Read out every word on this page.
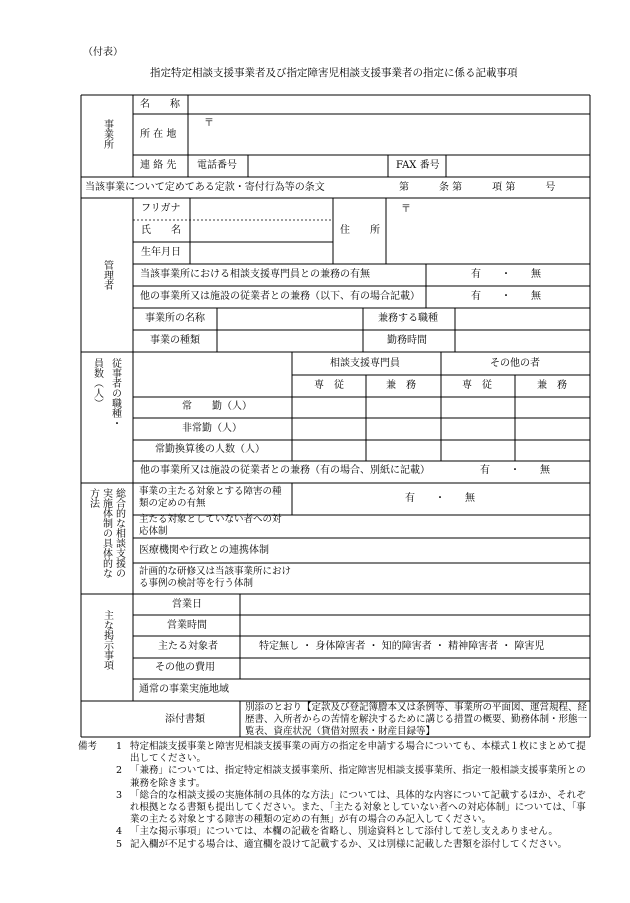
（付表）
指定特定相談支援事業者及び指定障害児相談支援事業者の指定に係る記載事項
事業所
名　　称
所 在 地
〒
連 絡 先 電話番号	FAX 番号
当該事業について定めてある定款・寄付行為等の条文	第　　　条 第　　　項 第　　　号
管理者
フリガナ
氏　　名
生年月日
住　　所
〒
当該事業所における相談支援専門員との兼務の有無	有　　・　　無
他の事業所又は施設の従業者との兼務（以下、有の場合記載）	有　　・　　無
事業所の名称	兼務する職種
事業の種類	勤務時間
従事者の職種・
員数（人）	相談支援専門員	その他の者
専　従	兼　務	専　従	兼　務
常　　勤（人）
非常勤（人）
常勤換算後の人数（人）
他の事業所又は施設の従業者との兼務（有の場合、別紙に記載）	有　　・　　無
総合的な相談支援の
実施体制の具体的な
方法	事業の主たる対象とする障害の種類の定めの有無	有　　・　　無
主たる対象としていない者への対応体制
医療機関や行政との連携体制
計画的な研修又は当該事業所における事例の検討等を行う体制
主な掲示事項
営業日
営業時間
主たる対象者	特定無し ・ 身体障害者 ・ 知的障害者 ・ 精神障害者 ・ 障害児
その他の費用
通常の事業実施地域
添付書類
別添のとおり【定款及び登記簿謄本又は条例等、事業所の平面図、運営規程、経歴書、入所者からの苦情を解決するために講じる措置の概要、勤務体制・形態一覧表、資産状況（貸借対照表・財産目録等】
備考 1 特定相談支援事業と障害児相談支援事業の両方の指定を申請する場合についても、本様式１枚にまとめて提出してください。
2 「兼務」については、指定特定相談支援事業所、指定障害児相談支援事業所、指定一般相談支援事業所との兼務を除きます。
3 「総合的な相談支援の実施体制の具体的な方法」については、具体的な内容について記載するほか、それぞれ根拠となる書類も提出してください。また、「主たる対象としていない者への対応体制」については、「事業の主たる対象とする障害の種類の定めの有無」が有の場合のみ記入してください。
4 「主な掲示事項」については、本欄の記載を省略し、別途資料として添付して差し支えありません。
5 記入欄が不足する場合は、適宜欄を設けて記載するか、又は別様に記載した書類を添付してください。
